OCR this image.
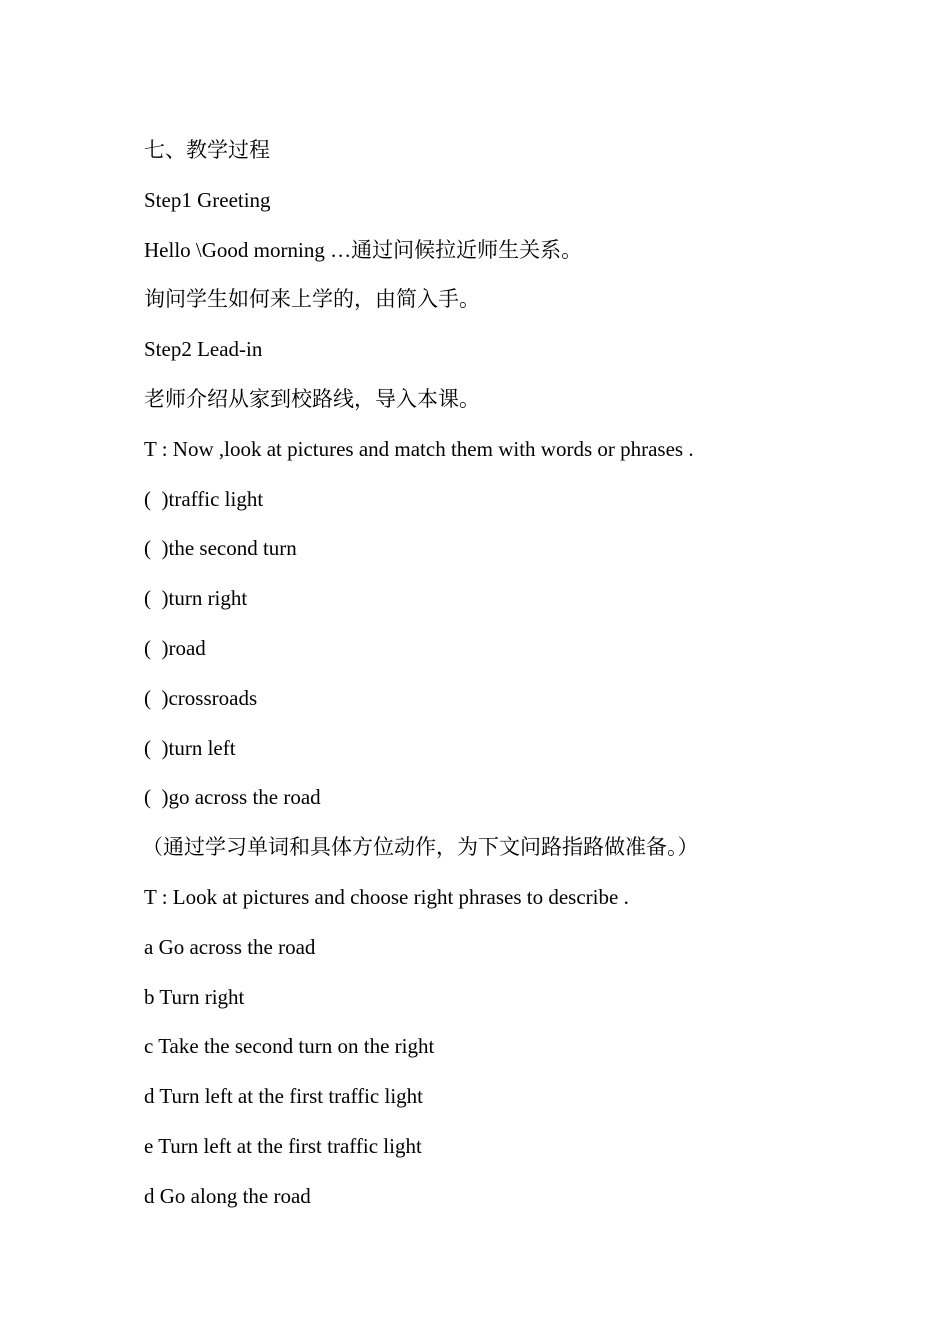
七、教学过程
Step1 Greeting
Hello \Good morning …通过问候拉近师生关系。
询问学生如何来上学的，由简入手。
Step2 Lead-in
老师介绍从家到校路线，导入本课。
T : Now ,look at pictures and match them with words or phrases .
(  )traffic light
(  )the second turn
(  )turn right
(  )road
(  )crossroads
(  )turn left
(  )go across the road
（通过学习单词和具体方位动作，为下文问路指路做准备。）
T : Look at pictures and choose right phrases to describe .
a Go across the road
b Turn right
c Take the second turn on the right
d Turn left at the first traffic light
e Turn left at the first traffic light
d Go along the road
